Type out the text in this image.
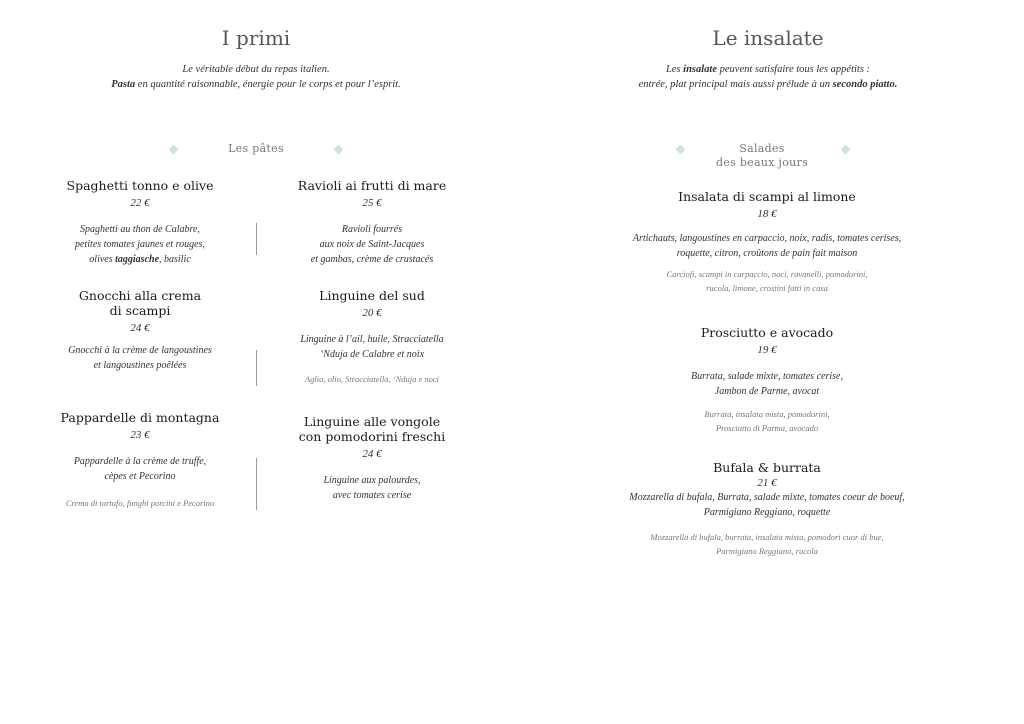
I primi
Le véritable début du repas italien.
Pasta en quantité raisonnable, énergie pour le corps et pour l’esprit.
Les pâtes
Spaghetti tonno e olive
22 €
Spaghetti au thon de Calabre,
petites tomates jaunes et rouges,
olives taggiasche, basilic
Ravioli ai frutti di mare
25 €
Ravioli fourrés
aux noix de Saint-Jacques
et gambas, crème de crustacés
Gnocchi alla crema
di scampi
24 €
Gnocchi à la crème de langoustines
et langoustines poêlées
Linguine del sud
20 €
Linguine à l’ail, huile, Stracciatella
‘Nduja de Calabre et noix
Aglio, olio, Stracciatella, ‘Nduja e noci
Pappardelle di montagna
23 €
Pappardelle à la crème de truffe,
cèpes et Pecorino
Crema di tartufo, funghi porcini e Pecorino
Linguine alle vongole
con pomodorini freschi
24 €
Linguine aux palourdes,
avec tomates cerise
Le insalate
Les insalate peuvent satisfaire tous les appétits :
entrée, plat principal mais aussi prélude à un secondo piatto.
Salades
des beaux jours
Insalata di scampi al limone
18 €
Artichauts, langoustines en carpaccio, noix, radis, tomates cerises,
roquette, citron, croûtons de pain fait maison
Carciofi, scampi in carpaccio, noci, ravanelli, pomodorini,
rucola, limone, crostini fatti in casa
Prosciutto e avocado
19 €
Burrata, salade mixte, tomates cerise,
Jambon de Parme, avocat
Burrata, insalata mista, pomodorini,
Prosciutto di Parma, avocado
Bufala & burrata
21 €
Mozzarella di bufala, Burrata, salade mixte, tomates coeur de boeuf,
Parmigiano Reggiano, roquette
Mozzarella di bufala, burrata, insalata mista, pomodori cuor di bue,
Parmigiano Reggiano, rucola
